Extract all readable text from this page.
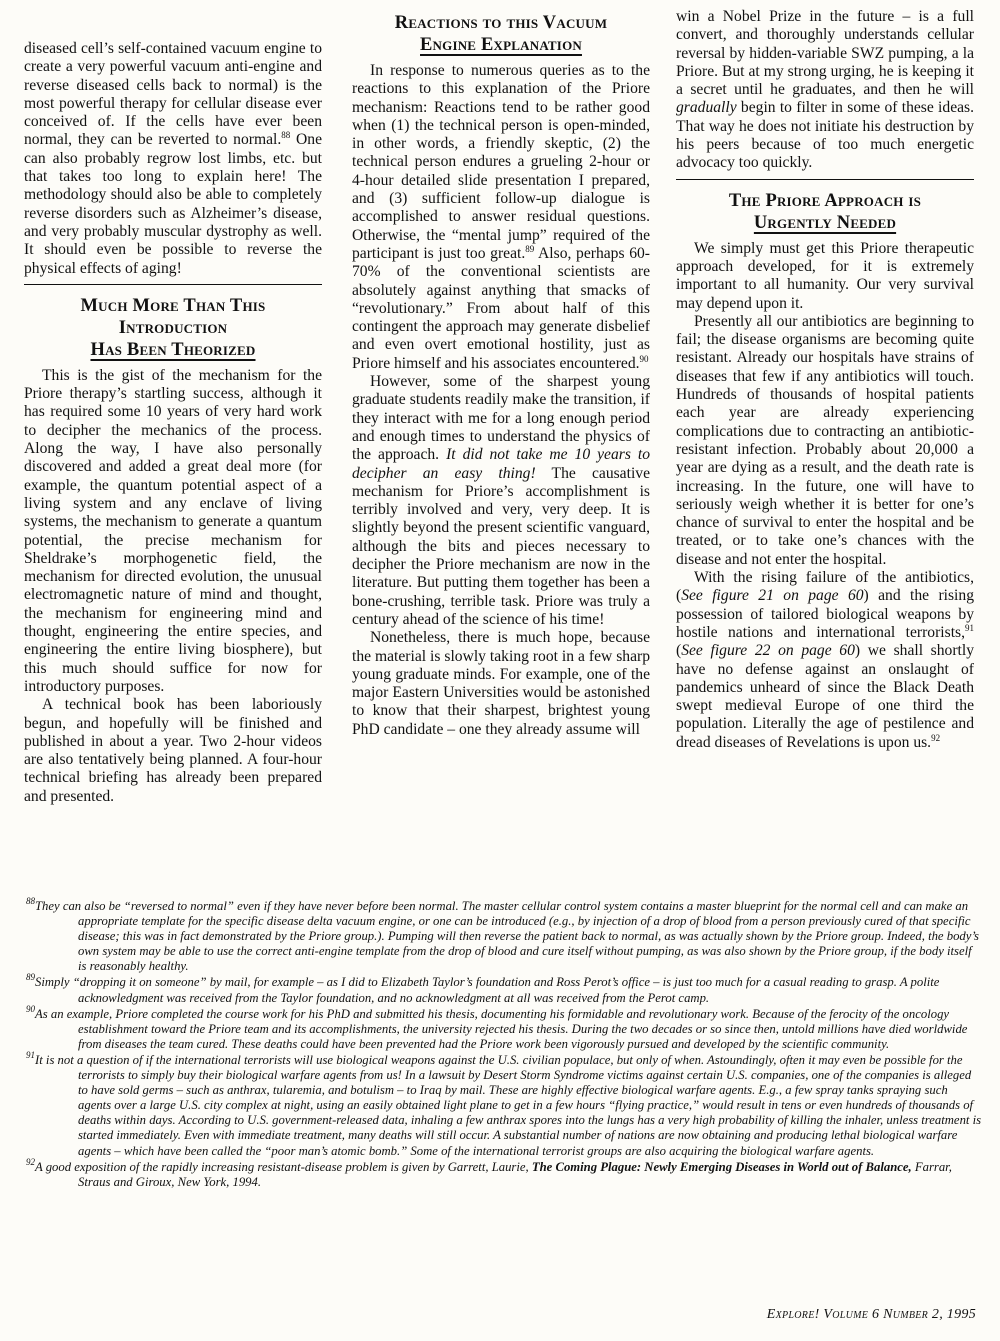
diseased cell’s self-contained vacuum engine to create a very powerful vacuum anti-engine and reverse diseased cells back to normal) is the most powerful therapy for cellular disease ever conceived of. If the cells have ever been normal, they can be reverted to normal.$^{88}$ One can also probably regrow lost limbs, etc. but that takes too long to explain here! The methodology should also be able to completely reverse disorders such as Alzheimer’s disease, and very probably muscular dystrophy as well. It should even be possible to reverse the physical effects of aging!

Much More Than This
Introduction
Has Been Theorized

This is the gist of the mechanism for the Priore therapy’s startling success, although it has required some 10 years of very hard work to decipher the mechanics of the process. Along the way, I have also personally discovered and added a great deal more (for example, the quantum potential aspect of a living system and any enclave of living systems, the mechanism to generate a quantum potential, the precise mechanism for Sheldrake’s morphogenetic field, the mechanism for directed evolution, the unusual electromagnetic nature of mind and thought, the mechanism for engineering mind and thought, engineering the entire species, and engineering the entire living biosphere), but this much should suffice for now for introductory purposes.

A technical book has been laboriously begun, and hopefully will be finished and published in about a year. Two 2-hour videos are also tentatively being planned. A four-hour technical briefing has already been prepared and presented.

Reactions to this Vacuum
Engine Explanation

In response to numerous queries as to the reactions to this explanation of the Priore mechanism: Reactions tend to be rather good when (1) the technical person is open-minded, in other words, a friendly skeptic, (2) the technical person endures a grueling 2-hour or 4-hour detailed slide presentation I prepared, and (3) sufficient follow-up dialogue is accomplished to answer residual questions. Otherwise, the “mental jump” required of the participant is just too great.$^{89}$ Also, perhaps 60-70% of the conventional scientists are absolutely against anything that smacks of “revolutionary.” From about half of this contingent the approach may generate disbelief and even overt emotional hostility, just as Priore himself and his associates encountered.$^{90}$

However, some of the sharpest young graduate students readily make the transition, if they interact with me for a long enough period and enough times to understand the physics of the approach. It did not take me 10 years to decipher an easy thing! The causative mechanism for Priore’s accomplishment is terribly involved and very, very deep. It is slightly beyond the present scientific vanguard, although the bits and pieces necessary to decipher the Priore mechanism are now in the literature. But putting them together has been a bone-crushing, terrible task. Priore was truly a century ahead of the science of his time!

Nonetheless, there is much hope, because the material is slowly taking root in a few sharp young graduate minds. For example, one of the major Eastern Universities would be astonished to know that their sharpest, brightest young PhD candidate – one they already assume will

win a Nobel Prize in the future – is a full convert, and thoroughly understands cellular reversal by hidden-variable SWZ pumping, a la Priore. But at my strong urging, he is keeping it a secret until he graduates, and then he will gradually begin to filter in some of these ideas. That way he does not initiate his destruction by his peers because of too much energetic advocacy too quickly.

The Priore Approach is
Urgently Needed

We simply must get this Priore therapeutic approach developed, for it is extremely important to all humanity. Our very survival may depend upon it.

Presently all our antibiotics are beginning to fail; the disease organisms are becoming quite resistant. Already our hospitals have strains of diseases that few if any antibiotics will touch. Hundreds of thousands of hospital patients each year are already experiencing complications due to contracting an antibiotic-resistant infection. Probably about 20,000 a year are dying as a result, and the death rate is increasing. In the future, one will have to seriously weigh whether it is better for one’s chance of survival to enter the hospital and be treated, or to take one’s chances with the disease and not enter the hospital.

With the rising failure of the antibiotics, (See figure 21 on page 60) and the rising possession of tailored biological weapons by hostile nations and international terrorists,$^{91}$ (See figure 22 on page 60) we shall shortly have no defense against an onslaught of pandemics unheard of since the Black Death swept medieval Europe of one third the population. Literally the age of pestilence and dread diseases of Revelations is upon us.$^{92}$

$^{88}$They can also be “reversed to normal” even if they have never before been normal. The master cellular control system contains a master blueprint for the normal cell and can make an appropriate template for the specific disease delta vacuum engine, or one can be introduced (e.g., by injection of a drop of blood from a person previously cured of that specific disease; this was in fact demonstrated by the Priore group.). Pumping will then reverse the patient back to normal, as was actually shown by the Priore group. Indeed, the body’s own system may be able to use the correct anti-engine template from the drop of blood and cure itself without pumping, as was also shown by the Priore group, if the body itself is reasonably healthy.

$^{89}$Simply “dropping it on someone” by mail, for example – as I did to Elizabeth Taylor’s foundation and Ross Perot’s office – is just too much for a casual reading to grasp. A polite acknowledgment was received from the Taylor foundation, and no acknowledgment at all was received from the Perot camp.

$^{90}$As an example, Priore completed the course work for his PhD and submitted his thesis, documenting his formidable and revolutionary work. Because of the ferocity of the oncology establishment toward the Priore team and its accomplishments, the university rejected his thesis. During the two decades or so since then, untold millions have died worldwide from diseases the team cured. These deaths could have been prevented had the Priore work been vigorously pursued and developed by the scientific community.

$^{91}$It is not a question of if the international terrorists will use biological weapons against the U.S. civilian populace, but only of when. Astoundingly, often it may even be possible for the terrorists to simply buy their biological warfare agents from us! In a lawsuit by Desert Storm Syndrome victims against certain U.S. companies, one of the companies is alleged to have sold germs – such as anthrax, tularemia, and botulism – to Iraq by mail. These are highly effective biological warfare agents. E.g., a few spray tanks spraying such agents over a large U.S. city complex at night, using an easily obtained light plane to get in a few hours “flying practice,” would result in tens or even hundreds of thousands of deaths within days. According to U.S. government-released data, inhaling a few anthrax spores into the lungs has a very high probability of killing the inhaler, unless treatment is started immediately. Even with immediate treatment, many deaths will still occur. A substantial number of nations are now obtaining and producing lethal biological warfare agents – which have been called the “poor man’s atomic bomb.” Some of the international terrorist groups are also acquiring the biological warfare agents.

$^{92}$A good exposition of the rapidly increasing resistant-disease problem is given by Garrett, Laurie, The Coming Plague: Newly Emerging Diseases in World out of Balance, Farrar, Straus and Giroux, New York, 1994.

Explore! Volume 6 Number 2, 1995
